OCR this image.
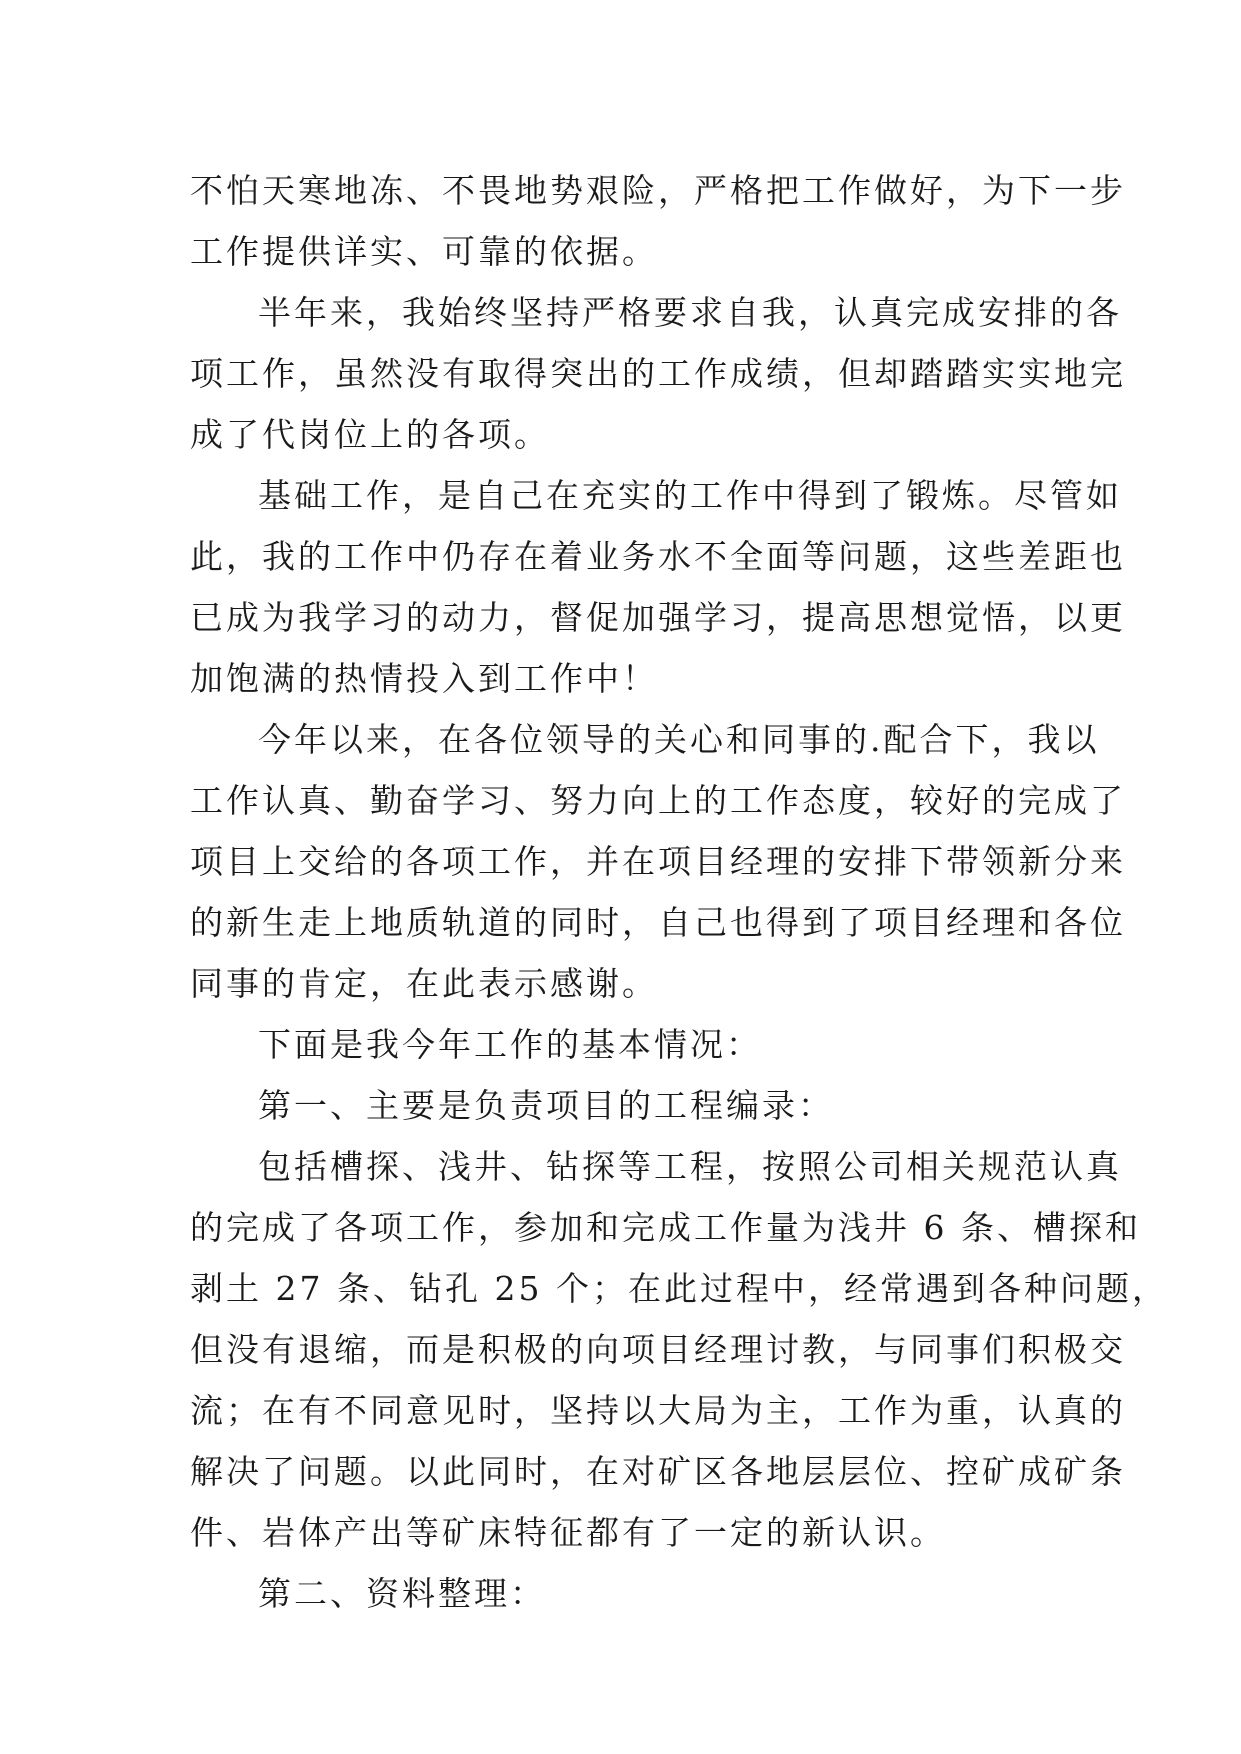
不怕天寒地冻、不畏地势艰险，严格把工作做好，为下一步
工作提供详实、可靠的依据。
半年来，我始终坚持严格要求自我，认真完成安排的各
项工作，虽然没有取得突出的工作成绩，但却踏踏实实地完
成了代岗位上的各项。
基础工作，是自己在充实的工作中得到了锻炼。尽管如
此，我的工作中仍存在着业务水不全面等问题，这些差距也
已成为我学习的动力，督促加强学习，提高思想觉悟，以更
加饱满的热情投入到工作中！
今年以来，在各位领导的关心和同事的.配合下，我以
工作认真、勤奋学习、努力向上的工作态度，较好的完成了
项目上交给的各项工作，并在项目经理的安排下带领新分来
的新生走上地质轨道的同时，自己也得到了项目经理和各位
同事的肯定，在此表示感谢。
下面是我今年工作的基本情况：
第一、主要是负责项目的工程编录：
包括槽探、浅井、钻探等工程，按照公司相关规范认真
的完成了各项工作，参加和完成工作量为浅井 6 条、槽探和
剥土 27 条、钻孔 25 个；在此过程中，经常遇到各种问题，
但没有退缩，而是积极的向项目经理讨教，与同事们积极交
流；在有不同意见时，坚持以大局为主，工作为重，认真的
解决了问题。以此同时，在对矿区各地层层位、控矿成矿条
件、岩体产出等矿床特征都有了一定的新认识。
第二、资料整理：
